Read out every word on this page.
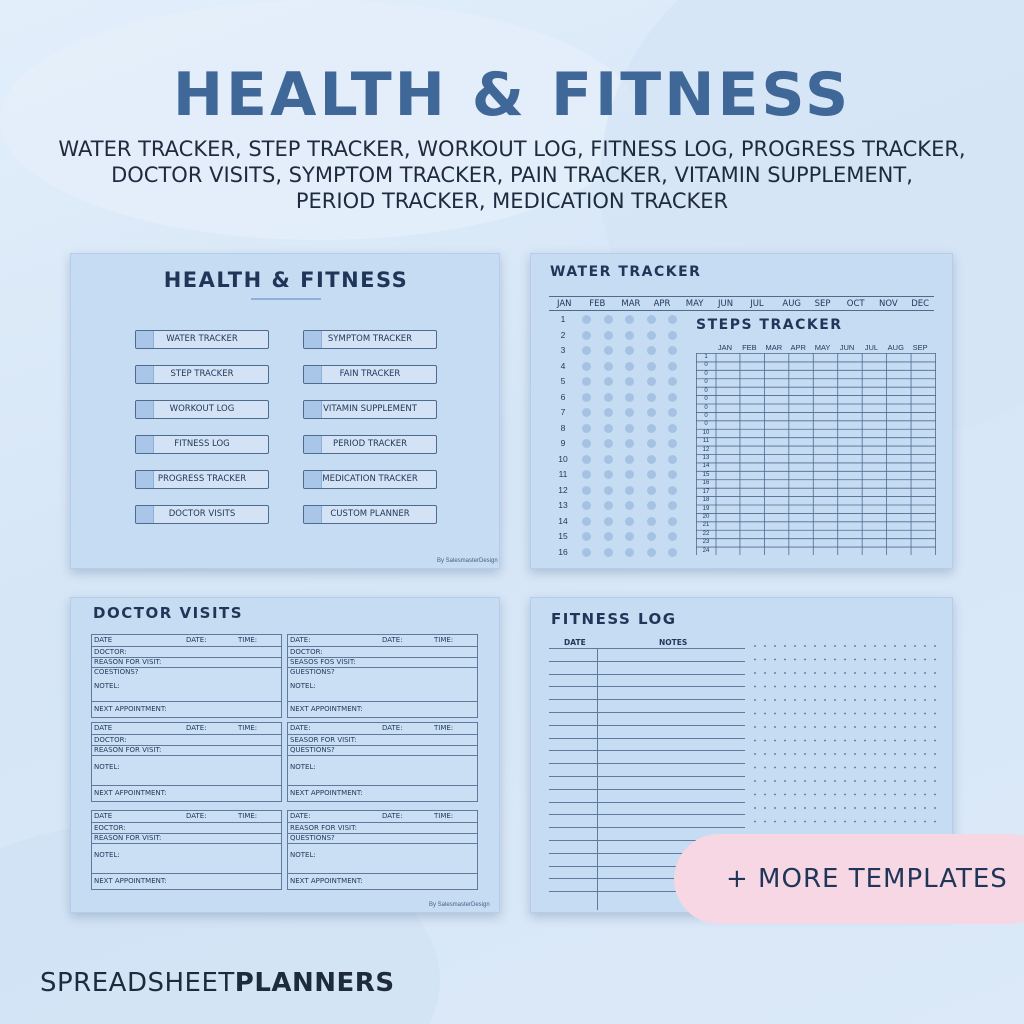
HEALTH & FITNESS
WATER TRACKER, STEP TRACKER, WORKOUT LOG, FITNESS LOG, PROGRESS TRACKER,
DOCTOR VISITS, SYMPTOM TRACKER, PAIN TRACKER, VITAMIN SUPPLEMENT,
PERIOD TRACKER, MEDICATION TRACKER
HEALTH & FITNESS
WATER TRACKER
STEP TRACKER
WORKOUT LOG
FITNESS LOG
PROGRESS TRACKER
DOCTOR VISITS
SYMPTOM TRACKER
FAIN TRACKER
VITAMIN SUPPLEMENT
PERIOD TRACKER
MEDICATION TRACKER
CUSTOM PLANNER
By SalesmasterDesign
WATER TRACKER
JAN FEB MAR APR MAY JUN JUL AUG SEP OCT NOV DEC
1
2
3
4
5
6
7
8
9
10
11
12
13
14
15
16
STEPS TRACKER
JAN	FEB	MAR	APR	MAY	JUN	JUL	AUG	SEP
1
0
0
0
0
0
0
0
0
10
11
12
13
14
15
16
17
18
19
20
21
22
23
24
DOCTOR VISITS
DATE	DATE:	TIME:
DOCTOR:
REASON FOR VISIT:
COESTIONS?
NOTEL:
NEXT APPOINTMENT:
DATE:	DATE:	TIME:
DOCTOR:
SEASOS FOS VISIT:
GUESTIONS?
NOTEL:
NEXT APPOINTMENT:
DATE	DATE:	TIME:
DOCTOR:
REASON FOR VISIT:
NOTEL:
NEXT AFPOINTMENT:
DATE:	DATE:	TIME:
SEASOR FOR VISIT:
QUESTIONS?
NOTEL:
NEXT APPOINTMENT:
DATE	DATE:	TIME:
EOCTOR:
REASON FOR VISIT:
NOTEL:
NEXT APPOINTMENT:
DATE:	DATE:	TIME:
REASOR FOR VISIT:
QUESTIONS?
NOTEL:
NEXT APPOINTMENT:
By SalesmasterDesign
FITNESS LOG
DATE	NOTES
+ MORE TEMPLATES
SPREADSHEETPLANNERS
